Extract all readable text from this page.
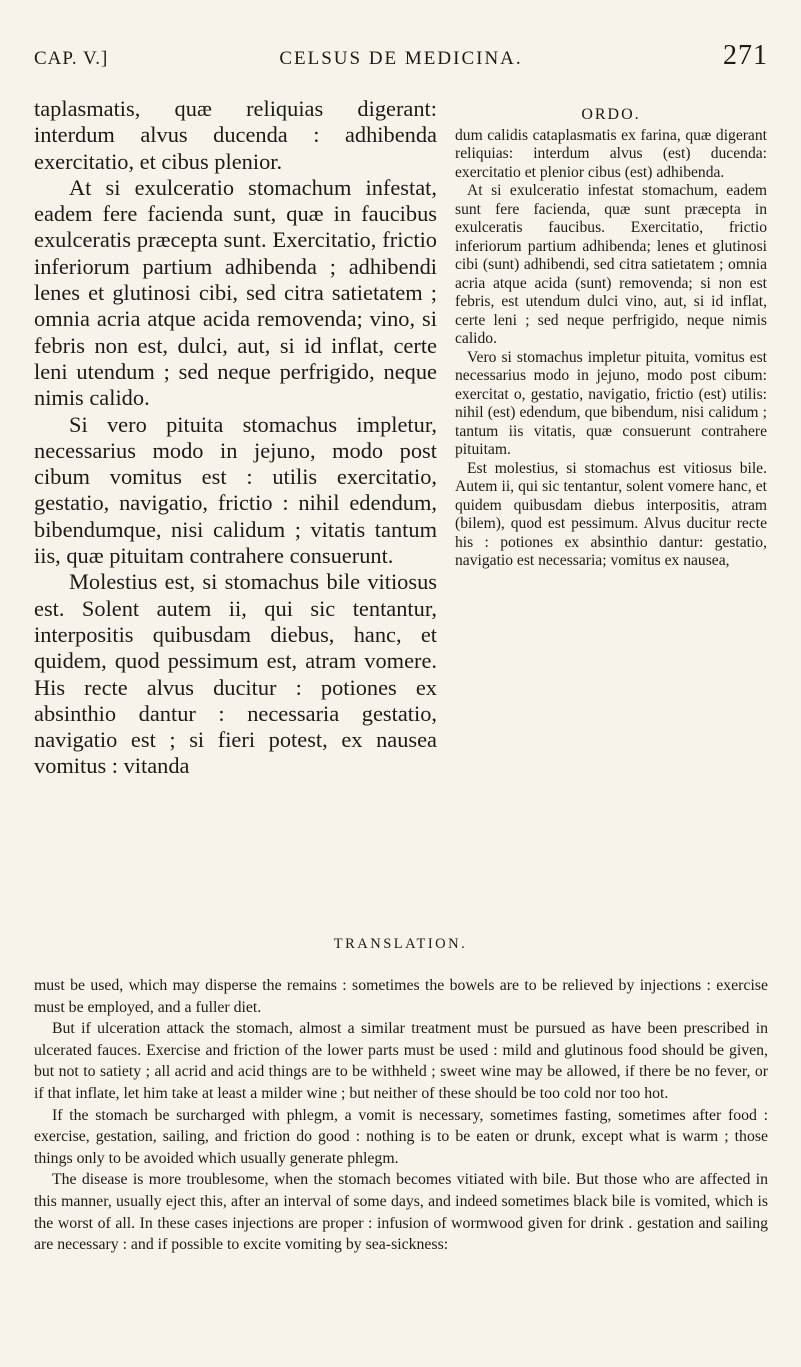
CAP. V.]	CELSUS DE MEDICINA.	271

taplasmatis, quæ reliquias digerant: interdum alvus ducenda : adhibenda exercitatio, et cibus plenior.

At si exulceratio stomachum infestat, eadem fere facienda sunt, quæ in faucibus exulceratis præcepta sunt. Exercitatio, frictio inferiorum partium adhibenda ; adhibendi lenes et glutinosi cibi, sed citra satietatem ; omnia acria atque acida removenda; vino, si febris non est, dulci, aut, si id inflat, certe leni utendum ; sed neque perfrigido, neque nimis calido.

Si vero pituita stomachus impletur, necessarius modo in jejuno, modo post cibum vomitus est : utilis exercitatio, gestatio, navigatio, frictio : nihil edendum, bibendumque, nisi calidum ; vitatis tantum iis, quæ pituitam contrahere consuerunt.

Molestius est, si stomachus bile vitiosus est. Solent autem ii, qui sic tentantur, interpositis quibusdam diebus, hanc, et quidem, quod pessimum est, atram vomere. His recte alvus ducitur : potiones ex absinthio dantur : necessaria gestatio, navigatio est ; si fieri potest, ex nausea vomitus : vitanda

ORDO.

dum calidis cataplasmatis ex farina, quæ digerant reliquias: interdum alvus (est) ducenda: exercitatio et plenior cibus (est) adhibenda.

At si exulceratio infestat stomachum, eadem sunt fere facienda, quæ sunt præcepta in exulceratis faucibus. Exercitatio, frictio inferiorum partium adhibenda; lenes et glutinosi cibi (sunt) adhibendi, sed citra satietatem ; omnia acria atque acida (sunt) removenda; si non est febris, est utendum dulci vino, aut, si id inflat, certe leni ; sed neque perfrigido, neque nimis calido.

Vero si stomachus impletur pituita, vomitus est necessarius modo in jejuno, modo post cibum: exercitat o, gestatio, navigatio, frictio (est) utilis: nihil (est) edendum, que bibendum, nisi calidum ; tantum iis vitatis, quæ consuerunt contrahere pituitam.

Est molestius, si stomachus est vitiosus bile. Autem ii, qui sic tentantur, solent vomere hanc, et quidem quibusdam diebus interpositis, atram (bilem), quod est pessimum. Alvus ducitur recte his : potiones ex absinthio dantur: gestatio, navigatio est necessaria; vomitus ex nausea,

TRANSLATION.

must be used, which may disperse the remains : sometimes the bowels are to be relieved by injections : exercise must be employed, and a fuller diet.

But if ulceration attack the stomach, almost a similar treatment must be pursued as have been prescribed in ulcerated fauces. Exercise and friction of the lower parts must be used : mild and glutinous food should be given, but not to satiety ; all acrid and acid things are to be withheld ; sweet wine may be allowed, if there be no fever, or if that inflate, let him take at least a milder wine ; but neither of these should be too cold nor too hot.

If the stomach be surcharged with phlegm, a vomit is necessary, sometimes fasting, sometimes after food : exercise, gestation, sailing, and friction do good : nothing is to be eaten or drunk, except what is warm ; those things only to be avoided which usually generate phlegm.

The disease is more troublesome, when the stomach becomes vitiated with bile. But those who are affected in this manner, usually eject this, after an interval of some days, and indeed sometimes black bile is vomited, which is the worst of all. In these cases injections are proper : infusion of wormwood given for drink . gestation and sailing are necessary : and if possible to excite vomiting by sea-sickness:
